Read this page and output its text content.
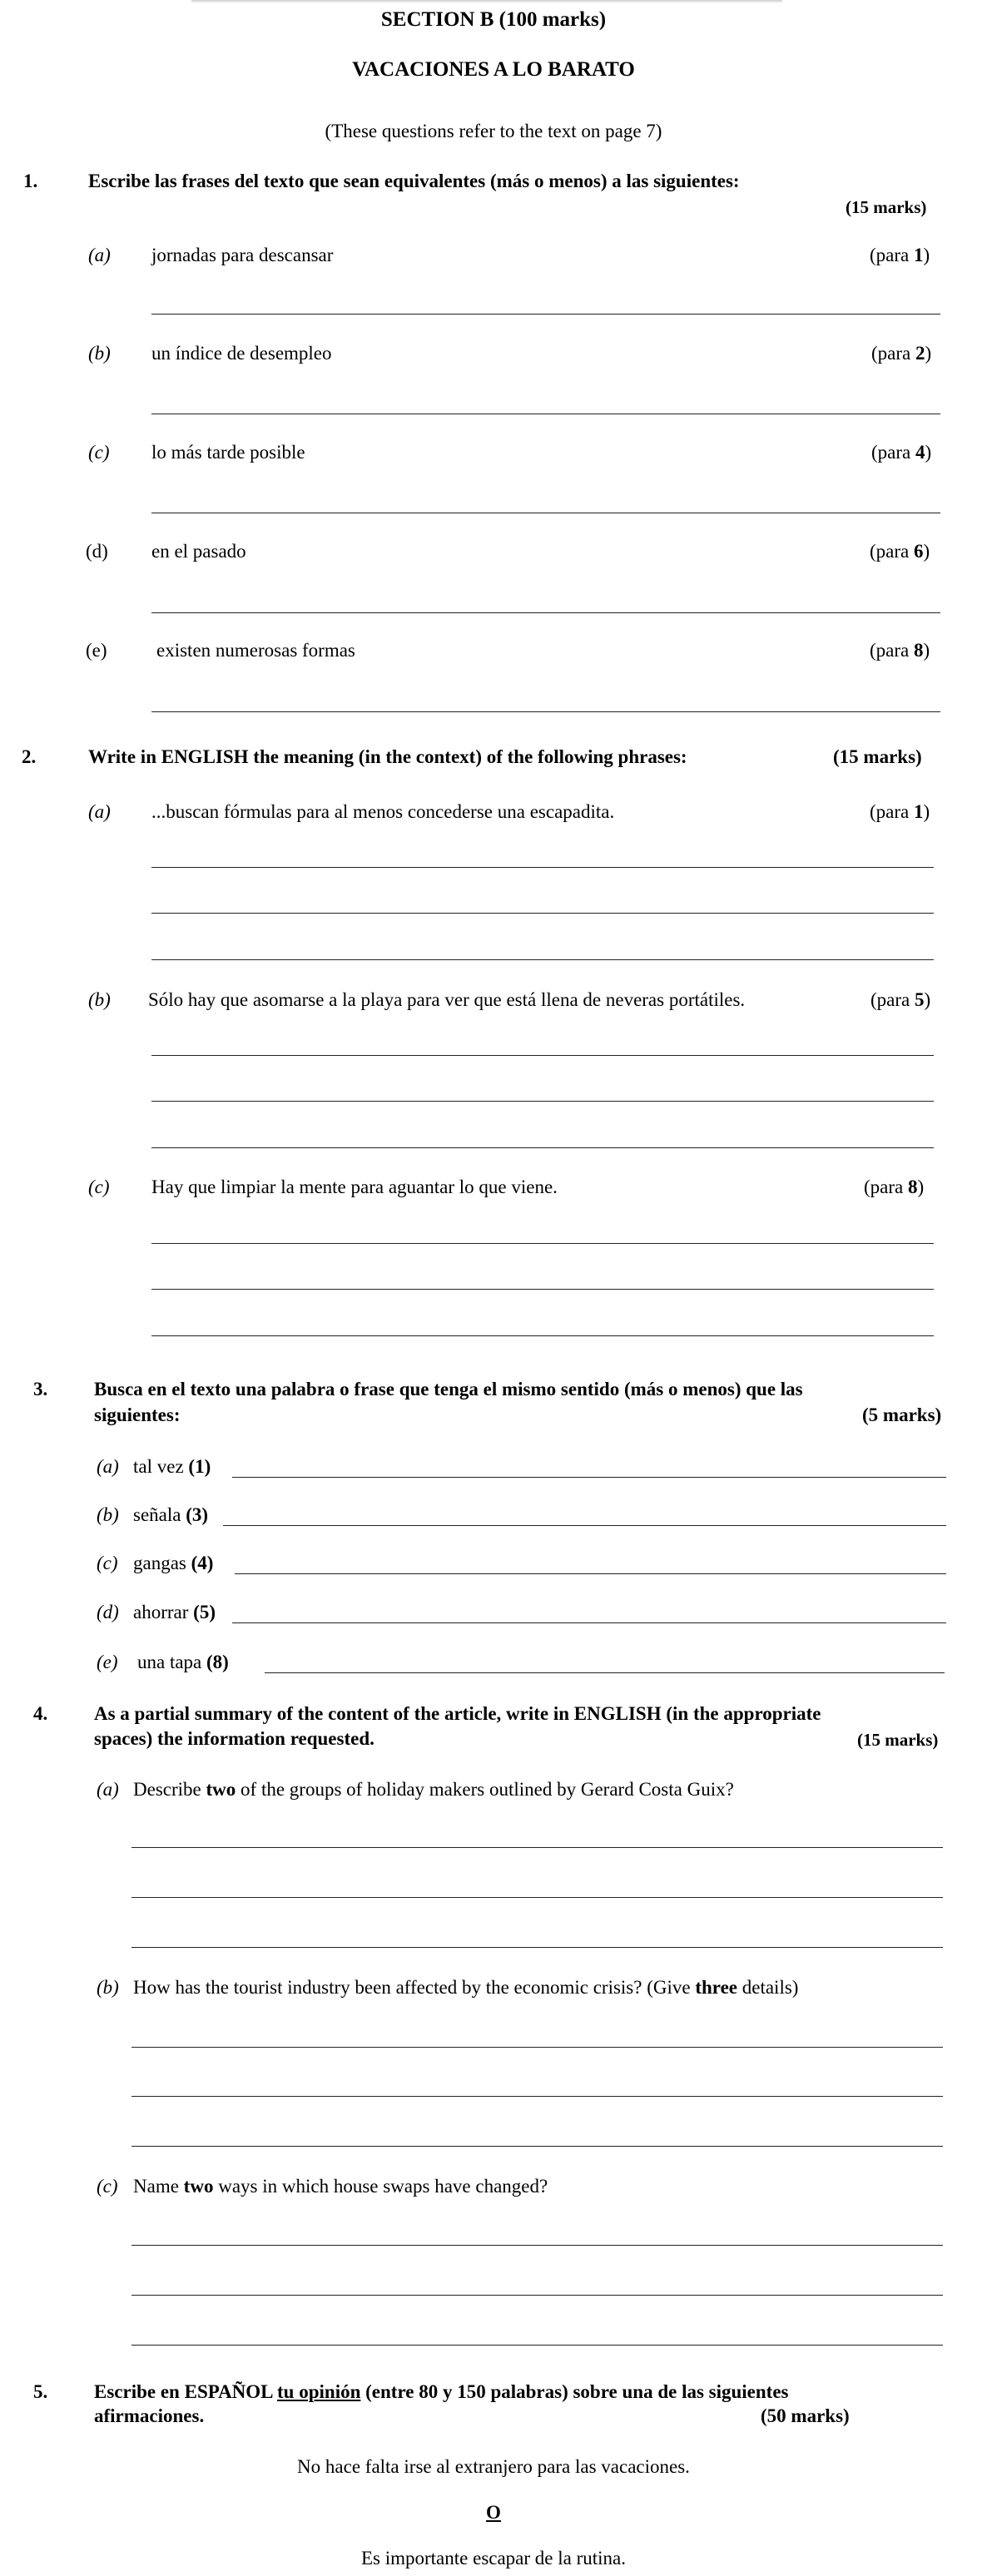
SECTION B (100 marks)
VACACIONES A LO BARATO
(These questions refer to the text on page 7)
1.	Escribe las frases del texto que sean equivalentes (más o menos) a las siguientes:
(15 marks)
(a) jornadas para descansar	(para 1)
(b) un índice de desempleo	(para 2)
(c) lo más tarde posible	(para 4)
(d) en el pasado	(para 6)
(e)	existen numerosas formas	(para 8)
2.	Write in ENGLISH the meaning (in the context) of the following phrases:	(15 marks)
(a) ...buscan fórmulas para al menos concederse una escapadita.	(para 1)
(b) Sólo hay que asomarse a la playa para ver que está llena de neveras portátiles.	(para 5)
(c) Hay que limpiar la mente para aguantar lo que viene.	(para 8)
3. Busca en el texto una palabra o frase que tenga el mismo sentido (más o menos) que las
siguientes:	(5 marks)
(a) tal vez (1)
(b) señala (3)
(c) gangas (4)
(d) ahorrar (5)
(e) una tapa (8)
4. As a partial summary of the content of the article, write in ENGLISH (in the appropriate
spaces) the information requested.	(15 marks)
(a) Describe two of the groups of holiday makers outlined by Gerard Costa Guix?
(b) How has the tourist industry been affected by the economic crisis? (Give three details)
(c) Name two ways in which house swaps have changed?
5. Escribe en ESPAÑOL tu opinión (entre 80 y 150 palabras) sobre una de las siguientes
afirmaciones.	(50 marks)
No hace falta irse al extranjero para las vacaciones.
O
Es importante escapar de la rutina.
